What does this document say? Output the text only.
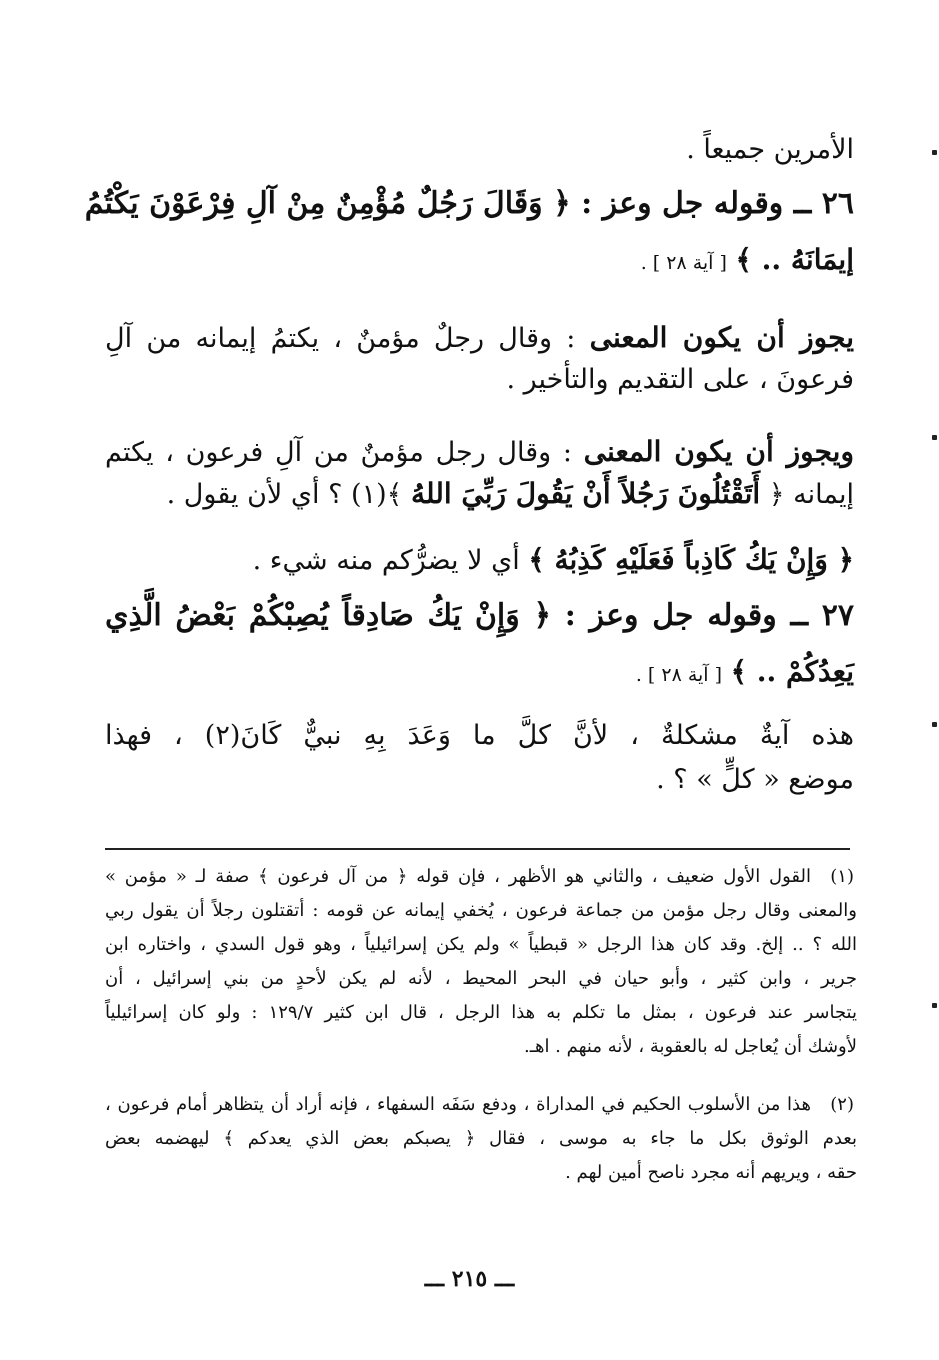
الأمرين جميعاً .
٢٦ ــ وقوله جل وعز : ﴿ وَقَالَ رَجُلٌ مُؤْمِنٌ مِنْ آلِ فِرْعَوْنَ يَكْتُمُ
إيمَانَهُ .. ﴾ [ آية ٢٨ ] .
يجوز أن يكون المعنى : وقال رجلٌ مؤمنٌ ، يكتمُ إيمانه من آلِ
فرعونَ ، على التقديم والتأخير .
ويجوز أن يكون المعنى : وقال رجل مؤمنٌ من آلِ فرعون ، يكتم
إيمانه ﴿ أَتَقْتُلُونَ رَجُلاً أَنْ يَقُولَ رَبِّيَ اللهُ ﴾(١) ؟ أي لأن يقول .
﴿ وَإِنْ يَكُ كَاذِباً فَعَلَيْهِ كَذِبُهُ ﴾ أي لا يضرُّكم منه شيء .
٢٧ ــ وقوله جل وعز : ﴿ وَإِنْ يَكُ صَادِقاً يُصِبْكُمْ بَعْضُ الَّذِي
يَعِدُكُمْ .. ﴾ [ آية ٢٨ ] .
هذه آيةٌ مشكلةٌ ، لأنَّ كلَّ ما وَعَدَ بِهِ نبيٌّ كَانَ(٢) ، فهذا
موضع « كلٍّ » ؟ .
(١)
القول الأول ضعيف ، والثاني هو الأظهر ، فإن قوله ﴿ من آل فرعون ﴾ صفة لـ « مؤمن »
والمعنى وقال رجل مؤمن من جماعة فرعون ، يُخفي إيمانه عن قومه : أتقتلون رجلاً أن يقول ربي
الله ؟ .. إلخ. وقد كان هذا الرجل « قبطياً » ولم يكن إسرائيلياً ، وهو قول السدي ، واختاره ابن
جرير ، وابن كثير ، وأبو حيان في البحر المحيط ، لأنه لم يكن لأحدٍ من بني إسرائيل ، أن
يتجاسر عند فرعون ، بمثل ما تكلم به هذا الرجل ، قال ابن كثير ١٢٩/٧ : ولو كان إسرائيلياً
لأوشك أن يُعاجل له بالعقوبة ، لأنه منهم . اهـ.
(٢)
هذا من الأسلوب الحكيم في المداراة ، ودفع سَفَه السفهاء ، فإنه أراد أن يتظاهر أمام فرعون ،
بعدم الوثوق بكل ما جاء به موسى ، فقال ﴿ يصبكم بعض الذي يعدكم ﴾ ليهضمه بعض
حقه ، ويريهم أنه مجرد ناصح أمين لهم .
ـــ ٢١٥ ـــ
